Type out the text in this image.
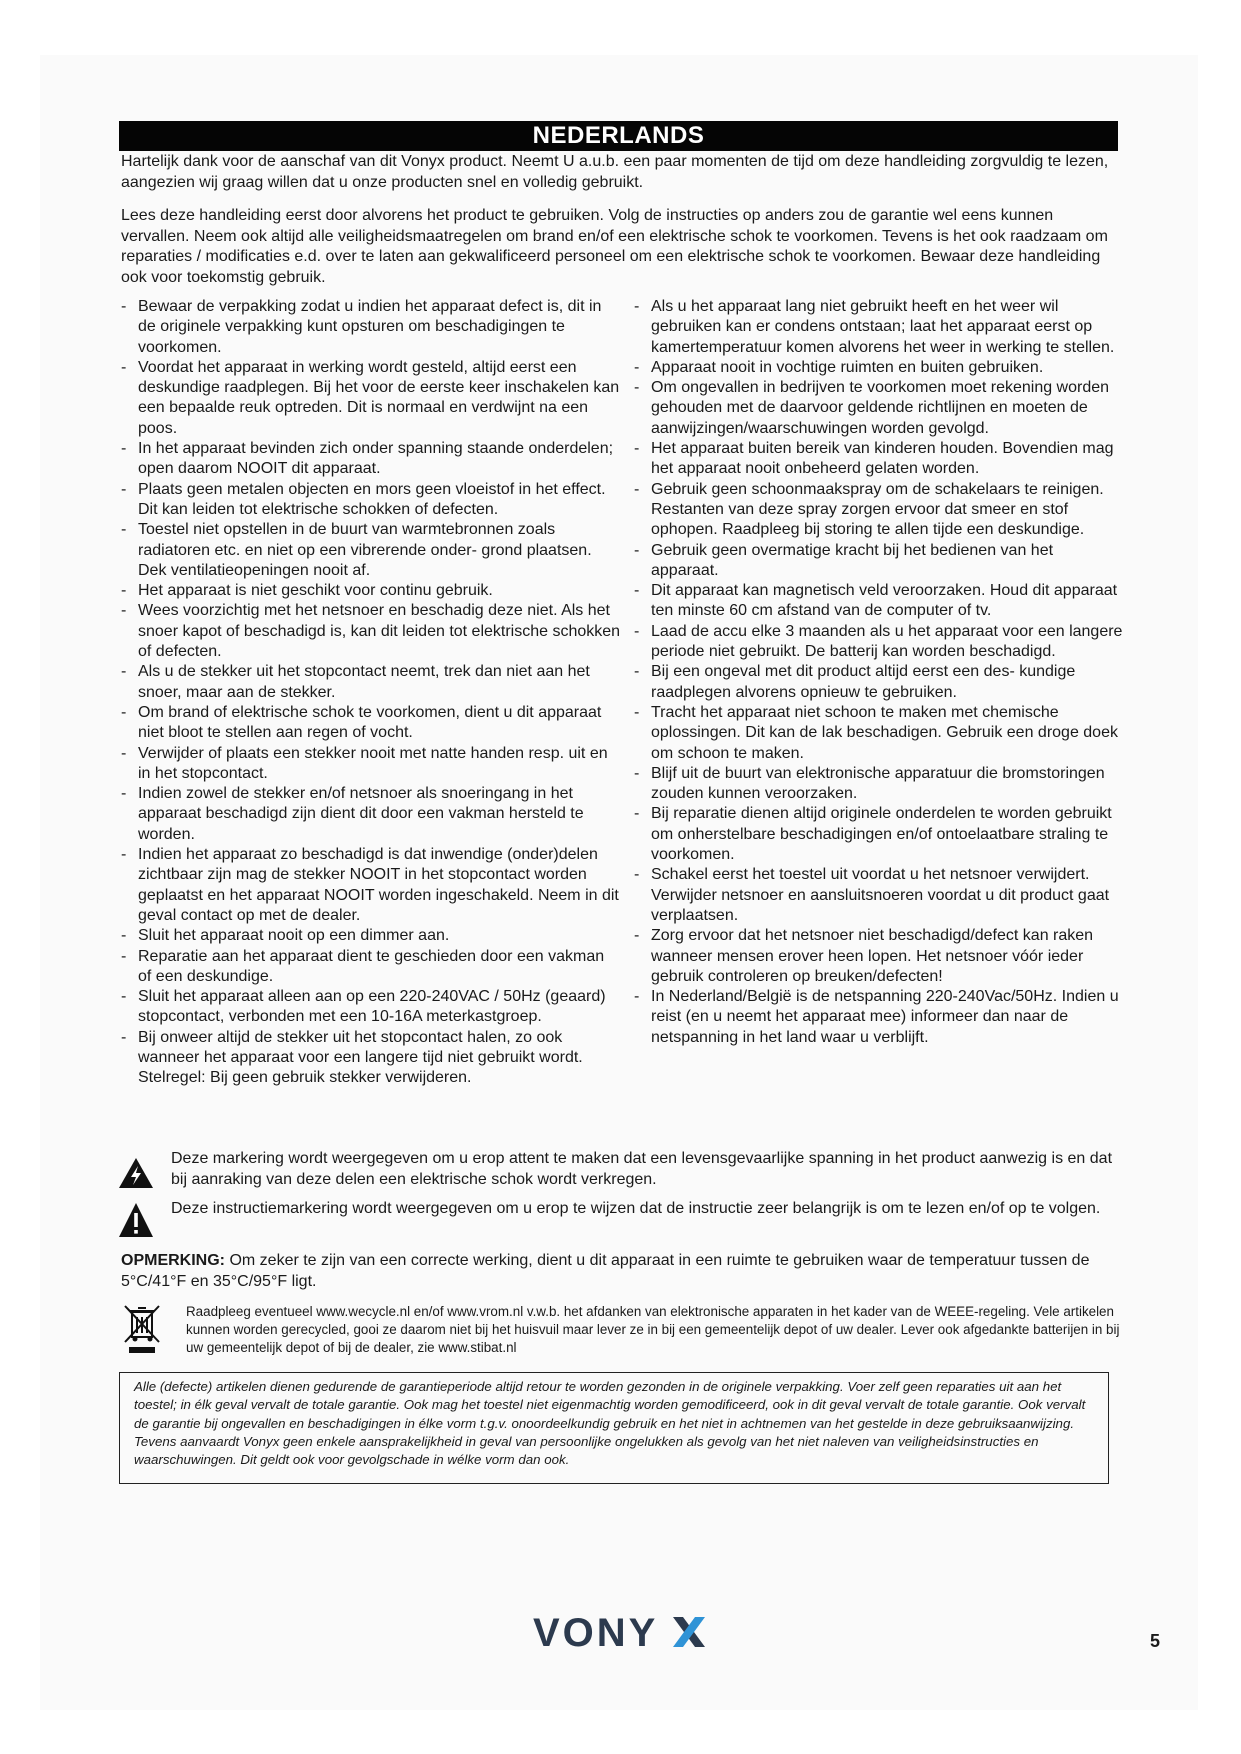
NEDERLANDS

Hartelijk dank voor de aanschaf van dit Vonyx product. Neemt U a.u.b. een paar momenten de tijd om deze handleiding zorgvuldig te lezen, aangezien wij graag willen dat u onze producten snel en volledig gebruikt.

Lees deze handleiding eerst door alvorens het product te gebruiken. Volg de instructies op anders zou de garantie wel eens kunnen vervallen. Neem ook altijd alle veiligheidsmaatregelen om brand en/of een elektrische schok te voorkomen. Tevens is het ook raadzaam om reparaties / modificaties e.d. over te laten aan gekwalificeerd personeel om een elektrische schok te voorkomen. Bewaar deze handleiding ook voor toekomstig gebruik.

- Bewaar de verpakking zodat u indien het apparaat defect is, dit in de originele verpakking kunt opsturen om beschadigingen te voorkomen.
- Voordat het apparaat in werking wordt gesteld, altijd eerst een deskundige raadplegen. Bij het voor de eerste keer inschakelen kan een bepaalde reuk optreden. Dit is normaal en verdwijnt na een poos.
- In het apparaat bevinden zich onder spanning staande onderdelen; open daarom NOOIT dit apparaat.
- Plaats geen metalen objecten en mors geen vloeistof in het effect. Dit kan leiden tot elektrische schokken of defecten.
- Toestel niet opstellen in de buurt van warmtebronnen zoals radiatoren etc. en niet op een vibrerende onder- grond plaatsen. Dek ventilatieopeningen nooit af.
- Het apparaat is niet geschikt voor continu gebruik.
- Wees voorzichtig met het netsnoer en beschadig deze niet. Als het snoer kapot of beschadigd is, kan dit leiden tot elektrische schokken of defecten.
- Als u de stekker uit het stopcontact neemt, trek dan niet aan het snoer, maar aan de stekker.
- Om brand of elektrische schok te voorkomen, dient u dit apparaat niet bloot te stellen aan regen of vocht.
- Verwijder of plaats een stekker nooit met natte handen resp. uit en in het stopcontact.
- Indien zowel de stekker en/of netsnoer als snoeringang in het apparaat beschadigd zijn dient dit door een vakman hersteld te worden.
- Indien het apparaat zo beschadigd is dat inwendige (onder)delen zichtbaar zijn mag de stekker NOOIT in het stopcontact worden geplaatst en het apparaat NOOIT worden ingeschakeld. Neem in dit geval contact op met de dealer.
- Sluit het apparaat nooit op een dimmer aan.
- Reparatie aan het apparaat dient te geschieden door een vakman of een deskundige.
- Sluit het apparaat alleen aan op een 220-240VAC / 50Hz (geaard) stopcontact, verbonden met een 10-16A meterkastgroep.
- Bij onweer altijd de stekker uit het stopcontact halen, zo ook wanneer het apparaat voor een langere tijd niet gebruikt wordt. Stelregel: Bij geen gebruik stekker verwijderen.
- Als u het apparaat lang niet gebruikt heeft en het weer wil gebruiken kan er condens ontstaan; laat het apparaat eerst op kamertemperatuur komen alvorens het weer in werking te stellen.
- Apparaat nooit in vochtige ruimten en buiten gebruiken.
- Om ongevallen in bedrijven te voorkomen moet rekening worden gehouden met de daarvoor geldende richtlijnen en moeten de aanwijzingen/waarschuwingen worden gevolgd.
- Het apparaat buiten bereik van kinderen houden. Bovendien mag het apparaat nooit onbeheerd gelaten worden.
- Gebruik geen schoonmaakspray om de schakelaars te reinigen. Restanten van deze spray zorgen ervoor dat smeer en stof ophopen. Raadpleeg bij storing te allen tijde een deskundige.
- Gebruik geen overmatige kracht bij het bedienen van het apparaat.
- Dit apparaat kan magnetisch veld veroorzaken. Houd dit apparaat ten minste 60 cm afstand van de computer of tv.
- Laad de accu elke 3 maanden als u het apparaat voor een langere periode niet gebruikt. De batterij kan worden beschadigd.
- Bij een ongeval met dit product altijd eerst een des- kundige raadplegen alvorens opnieuw te gebruiken.
- Tracht het apparaat niet schoon te maken met chemische oplossingen. Dit kan de lak beschadigen. Gebruik een droge doek om schoon te maken.
- Blijf uit de buurt van elektronische apparatuur die bromstoringen zouden kunnen veroorzaken.
- Bij reparatie dienen altijd originele onderdelen te worden gebruikt om onherstelbare beschadigingen en/of ontoelaatbare straling te voorkomen.
- Schakel eerst het toestel uit voordat u het netsnoer verwijdert. Verwijder netsnoer en aansluitsnoeren voordat u dit product gaat verplaatsen.
- Zorg ervoor dat het netsnoer niet beschadigd/defect kan raken wanneer mensen erover heen lopen. Het netsnoer vóór ieder gebruik controleren op breuken/defecten!
- In Nederland/België is de netspanning 220-240Vac/50Hz. Indien u reist (en u neemt het apparaat mee) informeer dan naar de netspanning in het land waar u verblijft.
Deze markering wordt weergegeven om u erop attent te maken dat een levensgevaarlijke spanning in het product aanwezig is en dat bij aanraking van deze delen een elektrische schok wordt verkregen.
Deze instructiemarkering wordt weergegeven om u erop te wijzen dat de instructie zeer belangrijk is om te lezen en/of op te volgen.
OPMERKING: Om zeker te zijn van een correcte werking, dient u dit apparaat in een ruimte te gebruiken waar de temperatuur tussen de 5°C/41°F en 35°C/95°F ligt.
Raadpleeg eventueel www.wecycle.nl en/of www.vrom.nl v.w.b. het afdanken van elektronische apparaten in het kader van de WEEE-regeling. Vele artikelen kunnen worden gerecycled, gooi ze daarom niet bij het huisvuil maar lever ze in bij een gemeentelijk depot of uw dealer. Lever ook afgedankte batterijen in bij uw gemeentelijk depot of bij de dealer, zie www.stibat.nl
Alle (defecte) artikelen dienen gedurende de garantieperiode altijd retour te worden gezonden in de originele verpakking. Voer zelf geen reparaties uit aan het toestel; in élk geval vervalt de totale garantie. Ook mag het toestel niet eigenmachtig worden gemodificeerd, ook in dit geval vervalt de totale garantie. Ook vervalt de garantie bij ongevallen en beschadigingen in élke vorm t.g.v. onoordeelkundig gebruik en het niet in achtnemen van het gestelde in deze gebruiksaanwijzing. Tevens aanvaardt Vonyx geen enkele aansprakelijkheid in geval van persoonlijke ongelukken als gevolg van het niet naleven van veiligheidsinstructies en waarschuwingen. Dit geldt ook voor gevolgschade in wélke vorm dan ook.
VONY	5
